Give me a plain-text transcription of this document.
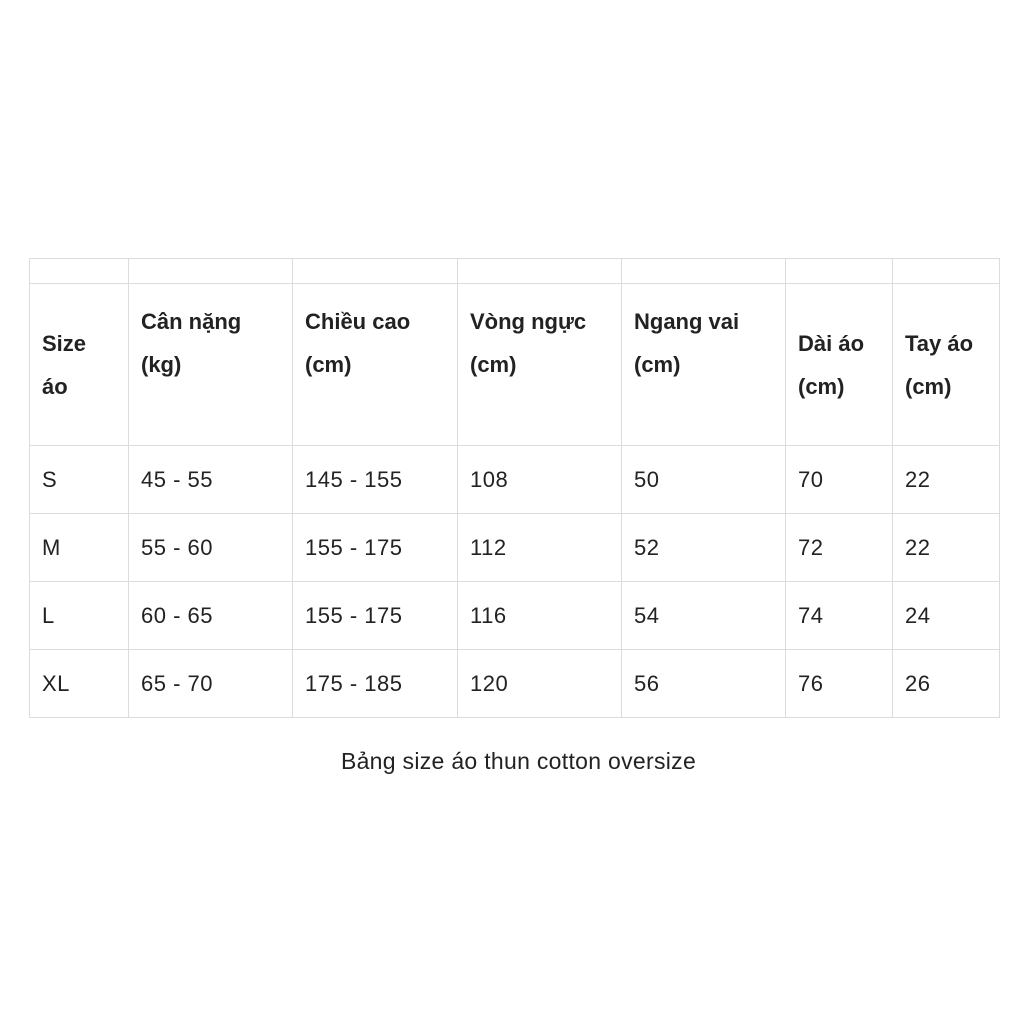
Size áo	Cân nặng (kg)	Chiều cao (cm)	Vòng ngực (cm)	Ngang vai (cm)	Dài áo (cm)	Tay áo (cm)
S	45 - 55	145 - 155	108	50	70	22
M	55 - 60	155 - 175	112	52	72	22
L	60 - 65	155 - 175	116	54	74	24
XL	65 - 70	175 - 185	120	56	76	26
Bảng size áo thun cotton oversize
